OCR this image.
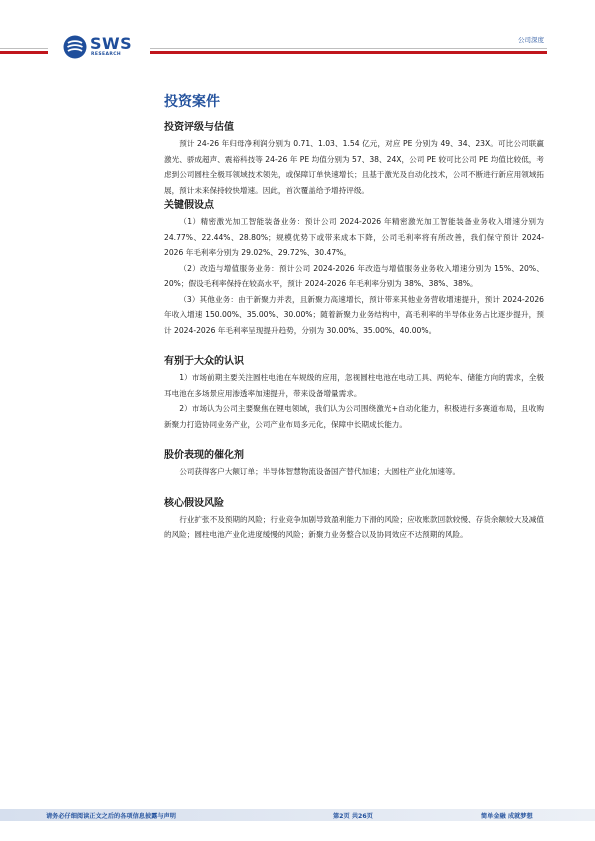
SWS
RESEARCH
公司深度
投资案件
投资评级与估值

预计 24-26 年归母净利润分别为 0.71、1.03、1.54 亿元，对应 PE 分别为 49、34、23X。可比公司联赢激光、骄成超声、震裕科技等 24-26 年 PE 均值分别为 57、38、24X，公司 PE 较可比公司 PE 均值比较低，考虑到公司圆柱全极耳领域技术领先，或保障订单快速增长；且基于激光及自动化技术，公司不断进行新应用领域拓展，预计未来保持较快增速。因此，首次覆盖给予增持评级。

关键假设点

（1）精密激光加工智能装备业务：预计公司 2024-2026 年精密激光加工智能装备业务收入增速分别为 24.77%、22.44%、28.80%；规模优势下或带来成本下降，公司毛利率将有所改善，我们保守预计 2024-2026 年毛利率分别为 29.02%、29.72%、30.47%。

（2）改造与增值服务业务：预计公司 2024-2026 年改造与增值服务业务收入增速分别为 15%、20%、20%；假设毛利率保持在较高水平，预计 2024-2026 年毛利率分别为 38%、38%、38%。

（3）其他业务：由于新聚力并表，且新聚力高速增长，预计带来其他业务营收增速提升，预计 2024-2026 年收入增速 150.00%、35.00%、30.00%；随着新聚力业务结构中，高毛利率的半导体业务占比逐步提升，预计 2024-2026 年毛利率呈现提升趋势，分别为 30.00%、35.00%、40.00%。

有别于大众的认识

1）市场前期主要关注圆柱电池在车规级的应用，忽视圆柱电池在电动工具、两轮车、储能方向的需求，全极耳电池在多场景应用渗透率加速提升，带来设备增量需求。

2）市场认为公司主要聚焦在锂电领域，我们认为公司围绕激光+自动化能力，积极进行多赛道布局，且收购新聚力打造协同业务产业，公司产业布局多元化，保障中长期成长能力。

股价表现的催化剂

公司获得客户大额订单；半导体智慧物流设备国产替代加速；大圆柱产业化加速等。

核心假设风险

行业扩张不及预期的风险；行业竞争加剧导致盈利能力下滑的风险；应收账款回款较慢、存货余额较大及减值的风险；圆柱电池产业化进度缓慢的风险；新聚力业务整合以及协同效应不达预期的风险。

请务必仔细阅读正文之后的各项信息披露与声明	第2页 共26页	简单金融 成就梦想
